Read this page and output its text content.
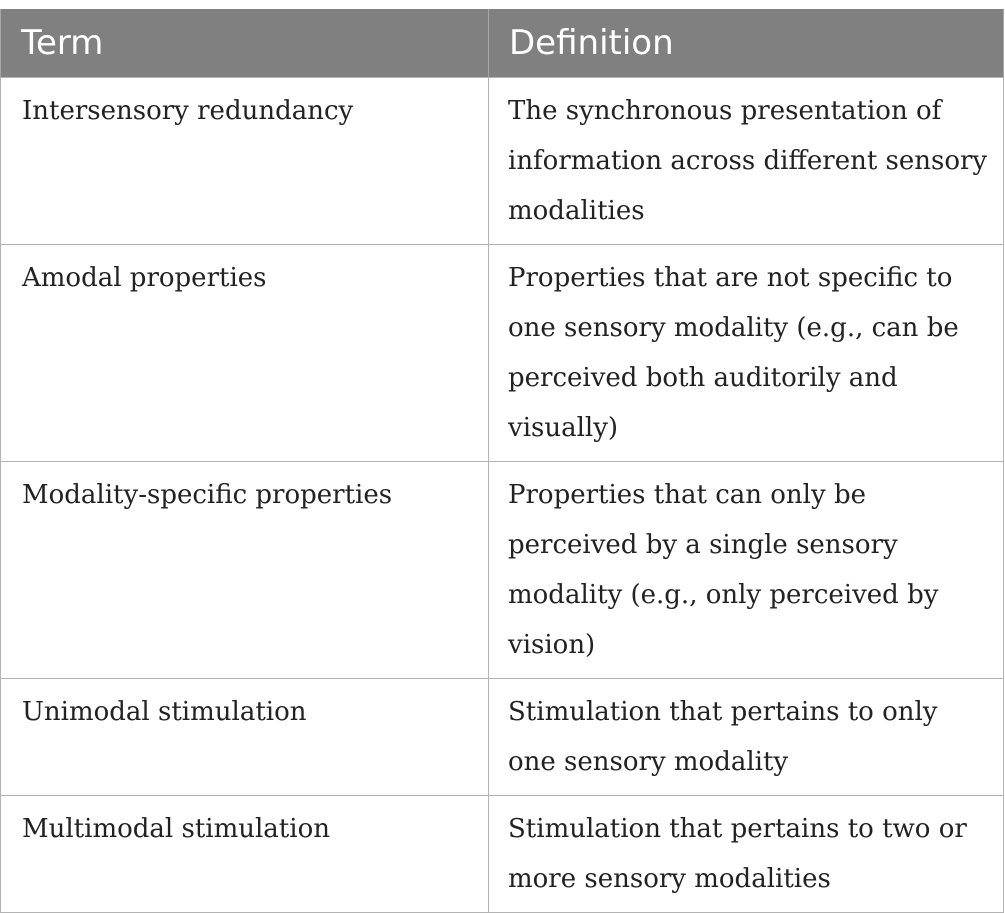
Term	Definition
Intersensory redundancy	The synchronous presentation of information across different sensory modalities
Amodal properties	Properties that are not specific to one sensory modality (e.g., can be perceived both auditorily and visually)
Modality-specific properties	Properties that can only be perceived by a single sensory modality (e.g., only perceived by vision)
Unimodal stimulation	Stimulation that pertains to only one sensory modality
Multimodal stimulation	Stimulation that pertains to two or more sensory modalities
